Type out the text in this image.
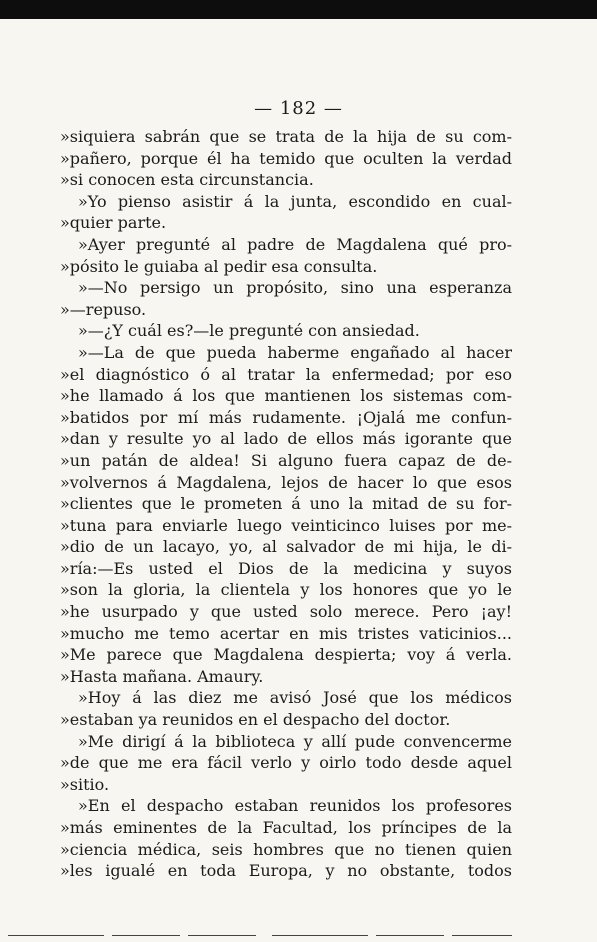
— 182 —
»siquiera sabrán que se trata de la hija de su com-
»pañero, porque él ha temido que oculten la verdad
»si conocen esta circunstancia.
»Yo pienso asistir á la junta, escondido en cual-
»quier parte.
»Ayer pregunté al padre de Magdalena qué pro-
»pósito le guiaba al pedir esa consulta.
»—No persigo un propósito, sino una esperanza
»—repuso.
»—¿Y cuál es?—le pregunté con ansiedad.
»—La de que pueda haberme engañado al hacer
»el diagnóstico ó al tratar la enfermedad; por eso
»he llamado á los que mantienen los sistemas com-
»batidos por mí más rudamente. ¡Ojalá me confun-
»dan y resulte yo al lado de ellos más igorante que
»un patán de aldea! Si alguno fuera capaz de de-
»volvernos á Magdalena, lejos de hacer lo que esos
»clientes que le prometen á uno la mitad de su for-
»tuna para enviarle luego veinticinco luises por me-
»dio de un lacayo, yo, al salvador de mi hija, le di-
»ría:—Es usted el Dios de la medicina y suyos
»son la gloria, la clientela y los honores que yo le
»he usurpado y que usted solo merece. Pero ¡ay!
»mucho me temo acertar en mis tristes vaticinios...
»Me parece que Magdalena despierta; voy á verla.
»Hasta mañana. Amaury.
»Hoy á las diez me avisó José que los médicos
»estaban ya reunidos en el despacho del doctor.
»Me dirigí á la biblioteca y allí pude convencerme
»de que me era fácil verlo y oirlo todo desde aquel
»sitio.
»En el despacho estaban reunidos los profesores
»más eminentes de la Facultad, los príncipes de la
»ciencia médica, seis hombres que no tienen quien
»les igualé en toda Europa, y no obstante, todos
